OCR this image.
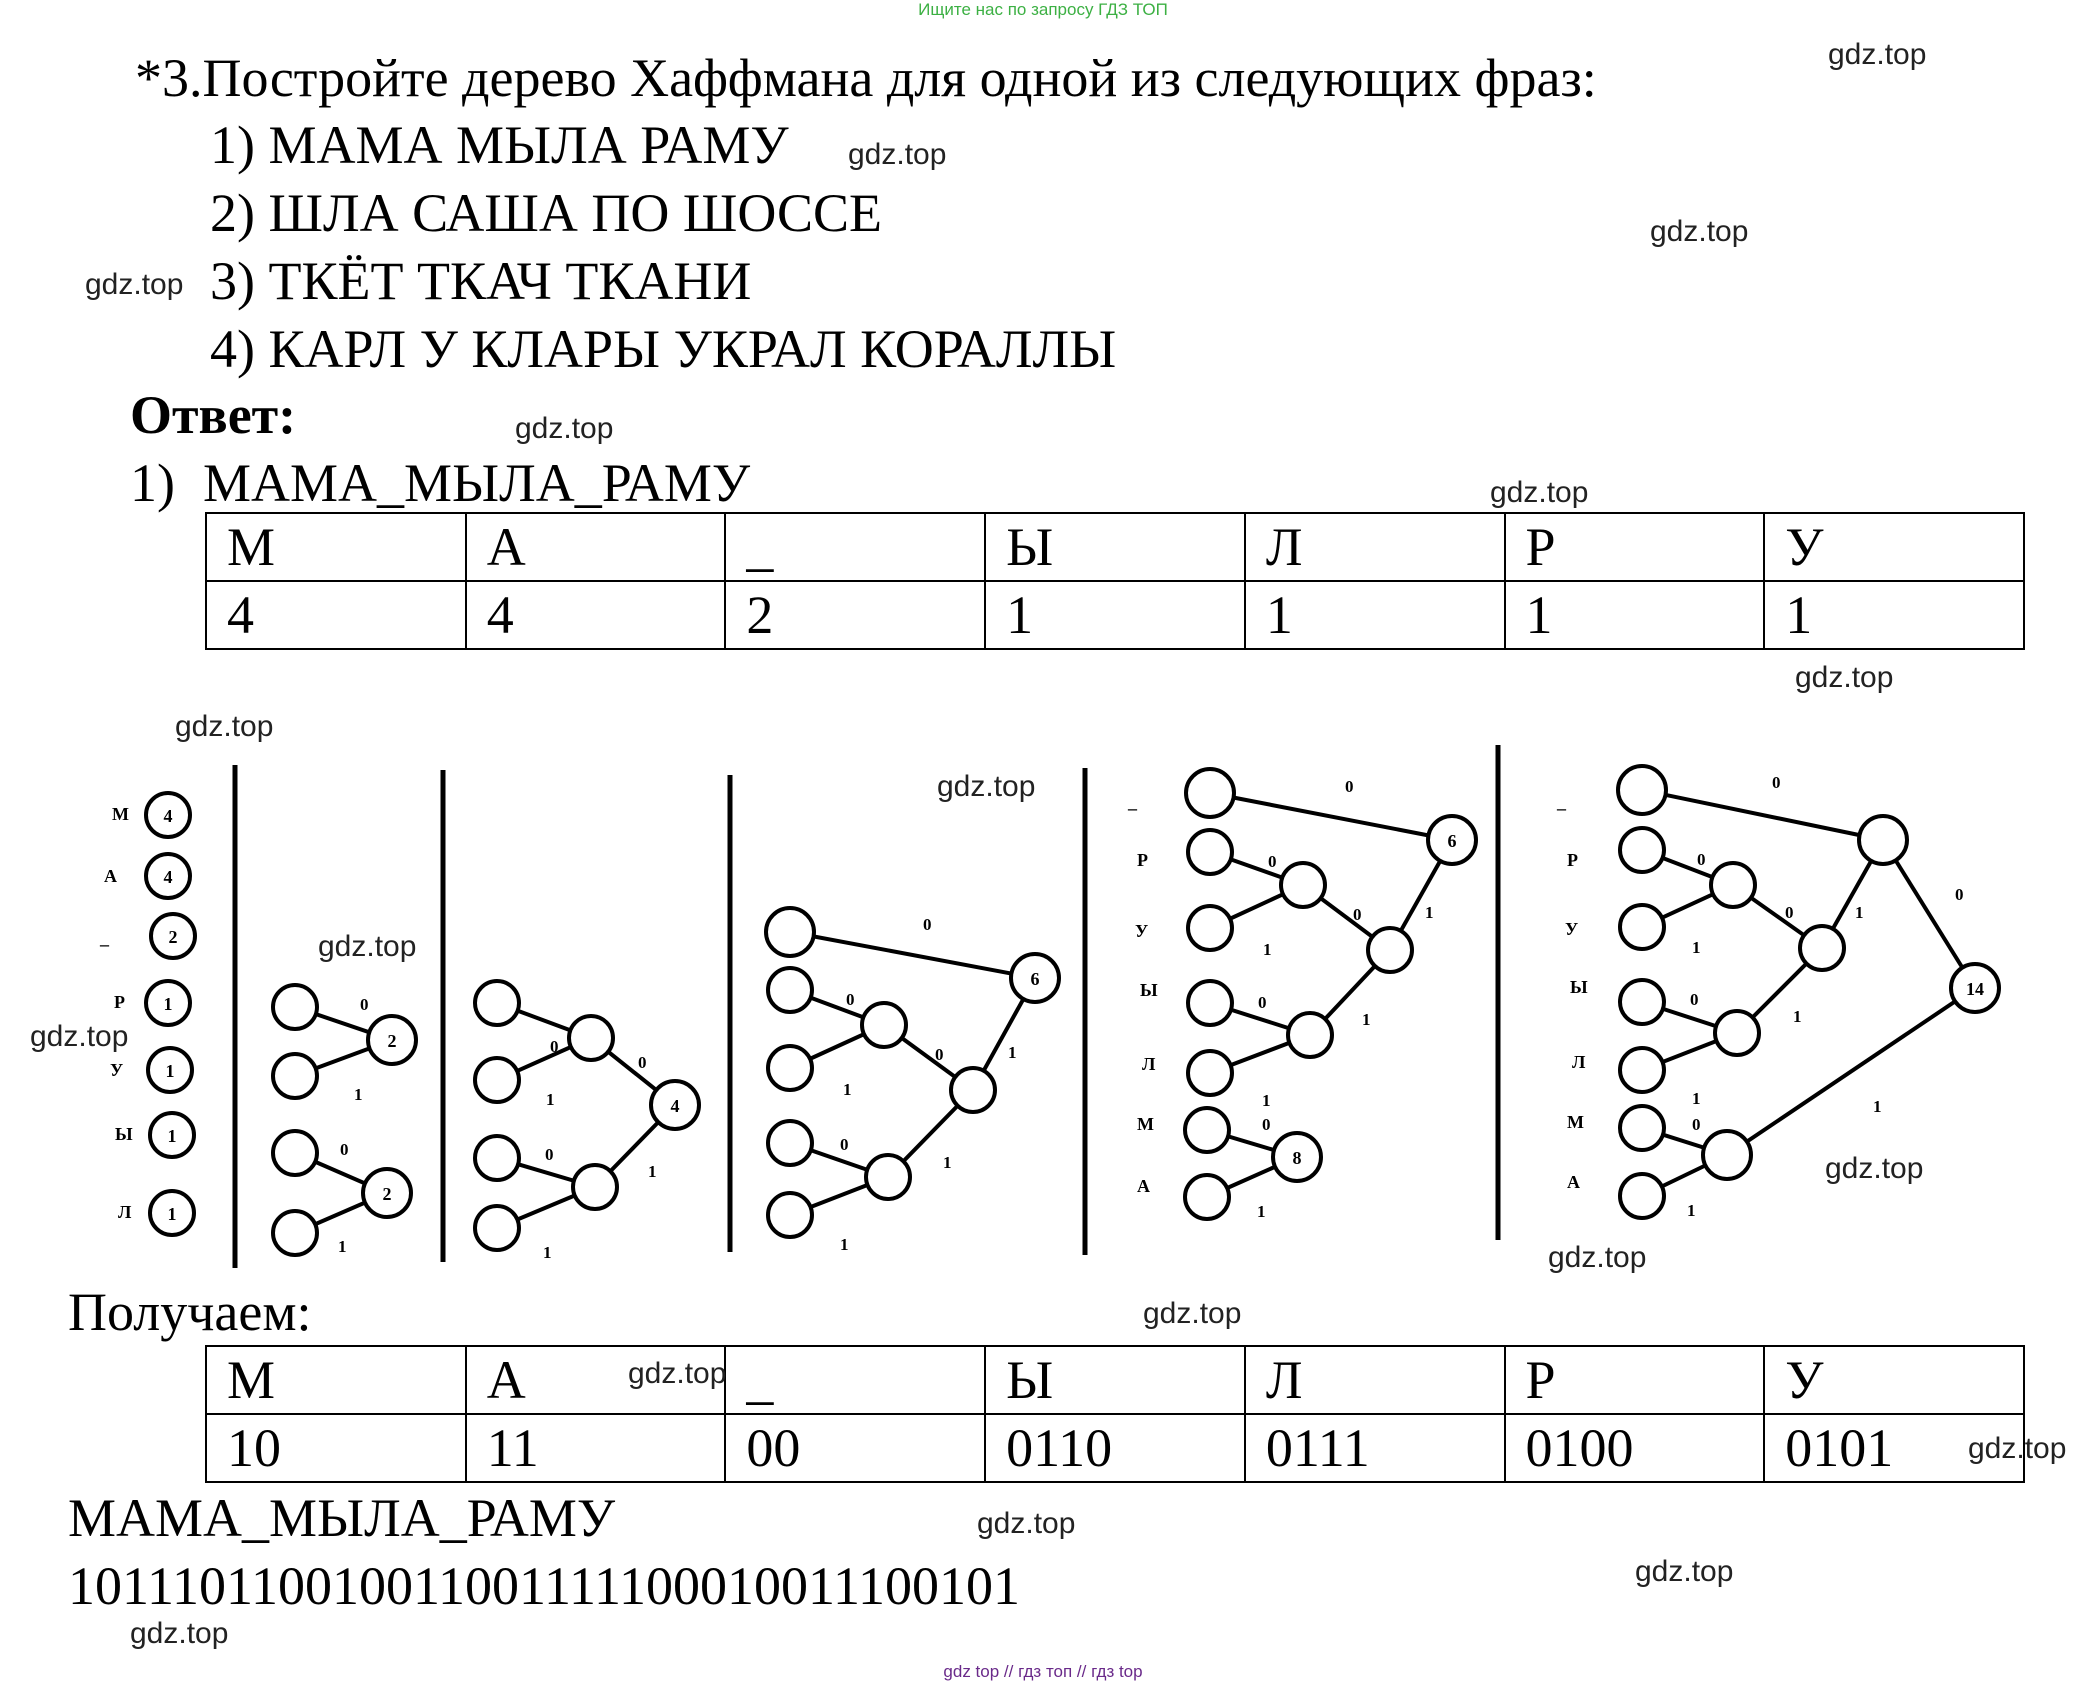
Ищите нас по запросу ГДЗ ТОП
*3.Постройте дерево Хаффмана для одной из следующих фраз:
1) МАМА МЫЛА РАМУ
2) ШЛА САША ПО ШОССЕ
3) ТКЁТ ТКАЧ ТКАНИ
4) КАРЛ У КЛАРЫ УКРАЛ КОРАЛЛЫ
Ответ:
1) МАМА_МЫЛА_РАМУ
М	А	_	Ы	Л	Р	У
4	4	2	1	1	1	1
М
А
_
Р
У
Ы
Л
4
4
2
1
1
1
1
2
2
0
1
0
1
4
0
1
0
1
0
1
6
0
0
1
0
1
0
1
1
6
8
_
Р
У
Ы
Л
М
А
0
0
1
0
1
0
1
1
0
1
14
_
Р
У
Ы
Л
М
А
0
0
1
0
1
0
1
1
0
1
0
1
Получаем:
М	А	_	Ы	Л	Р	У
10	11	00	0110	0111	0100	0101
МАМА_МЫЛА_РАМУ
10111011001001100111110001001110010​1
gdz.top
gdz.top
gdz.top
gdz.top
gdz.top
gdz.top
gdz.top
gdz.top
gdz.top
gdz.top
gdz.top
gdz.top
gdz.top
gdz.top
gdz.top
gdz.top
gdz.top
gdz.top
gdz.top
gdz top // гдз топ // гдз top
